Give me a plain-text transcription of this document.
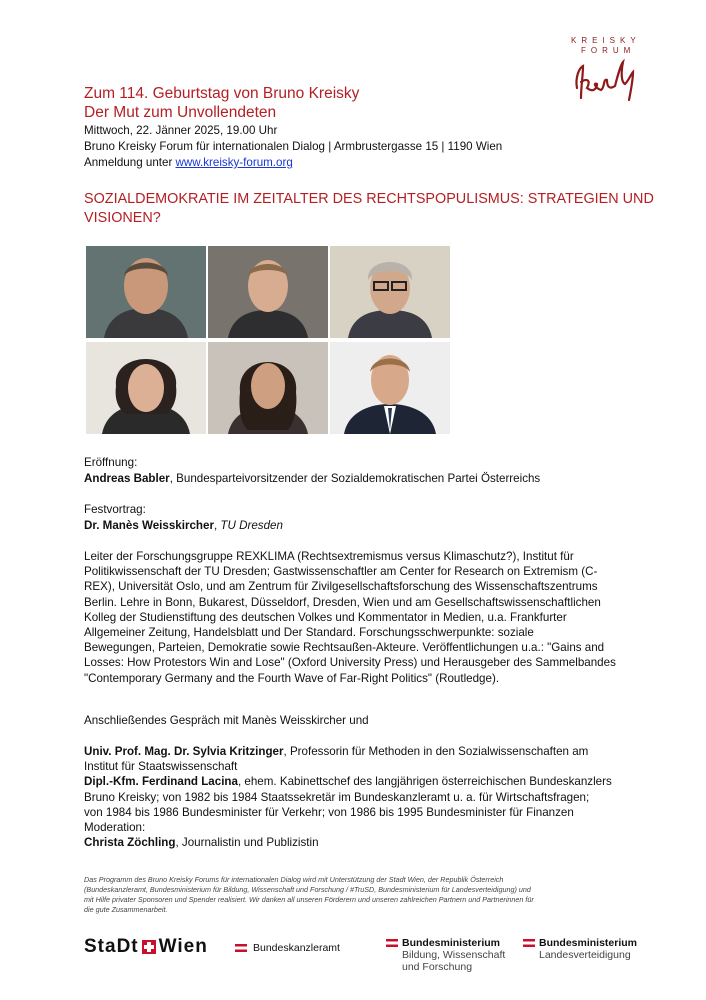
KREISKY
FORUM
Zum 114. Geburtstag von Bruno Kreisky
Der Mut zum Unvollendeten
Mittwoch, 22. Jänner 2025, 19.00 Uhr
Bruno Kreisky Forum für internationalen Dialog | Armbrustergasse 15 | 1190 Wien
Anmeldung unter www.kreisky-forum.org
SOZIALDEMOKRATIE IM ZEITALTER DES RECHTSPOPULISMUS: STRATEGIEN UND VISIONEN?
Eröffnung:
Andreas Babler, Bundesparteivorsitzender der Sozialdemokratischen Partei Österreichs
Festvortrag:
Dr. Manès Weisskircher, TU Dresden
Leiter der Forschungsgruppe REXKLIMA (Rechtsextremismus versus Klimaschutz?), Institut für
Politikwissenschaft der TU Dresden; Gastwissenschaftler am Center for Research on Extremism (C-
REX), Universität Oslo, und am Zentrum für Zivilgesellschaftsforschung des Wissenschaftszentrums
Berlin. Lehre in Bonn, Bukarest, Düsseldorf, Dresden, Wien und am Gesellschaftswissenschaftlichen
Kolleg der Studienstiftung des deutschen Volkes und Kommentator in Medien, u.a. Frankfurter
Allgemeiner Zeitung, Handelsblatt und Der Standard. Forschungsschwerpunkte: soziale
Bewegungen, Parteien, Demokratie sowie Rechtsaußen-Akteure. Veröffentlichungen u.a.: "Gains and
Losses: How Protestors Win and Lose" (Oxford University Press) und Herausgeber des Sammelbandes
"Contemporary Germany and the Fourth Wave of Far-Right Politics" (Routledge).
Anschließendes Gespräch mit Manès Weisskircher und
Univ. Prof. Mag. Dr. Sylvia Kritzinger, Professorin für Methoden in den Sozialwissenschaften am
Institut für Staatswissenschaft
Dipl.-Kfm. Ferdinand Lacina, ehem. Kabinettschef des langjährigen österreichischen Bundeskanzlers
Bruno Kreisky; von 1982 bis 1984 Staatssekretär im Bundeskanzleramt u. a. für Wirtschaftsfragen;
von 1984 bis 1986 Bundesminister für Verkehr; von 1986 bis 1995 Bundesminister für Finanzen
Moderation:
Christa Zöchling, Journalistin und Publizistin
Das Programm des Bruno Kreisky Forums für internationalen Dialog wird mit Unterstützung der Stadt Wien, der Republik Österreich
(Bundeskanzleramt, Bundesministerium für Bildung, Wissenschaft und Forschung / #TruSD, Bundesministerium für Landesverteidigung) und
mit Hilfe privater Sponsoren und Spender realisiert. Wir danken all unseren Förderern und unseren zahlreichen Partnern und Partnerinnen für
die gute Zusammenarbeit.
StaDt Wien	Bundeskanzleramt	Bundesministerium
Bildung, Wissenschaft
und Forschung
Bundesministerium
Landesverteidigung
